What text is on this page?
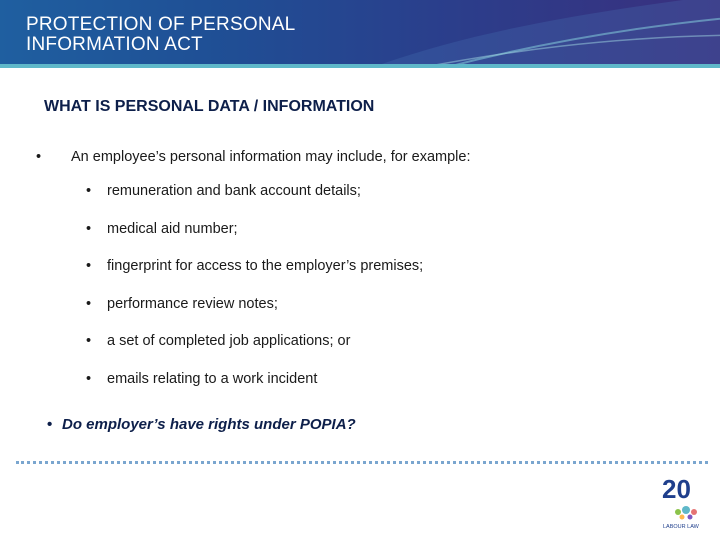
PROTECTION OF PERSONAL
INFORMATION ACT
WHAT IS PERSONAL DATA / INFORMATION
• An employee’s personal information may include, for example:
• remuneration and bank account details;
• medical aid number;
• fingerprint for access to the employer’s premises;
• performance review notes;
• a set of completed job applications; or
• emails relating to a work incident
• Do employer’s have rights under POPIA?
20
LABOUR LAW
